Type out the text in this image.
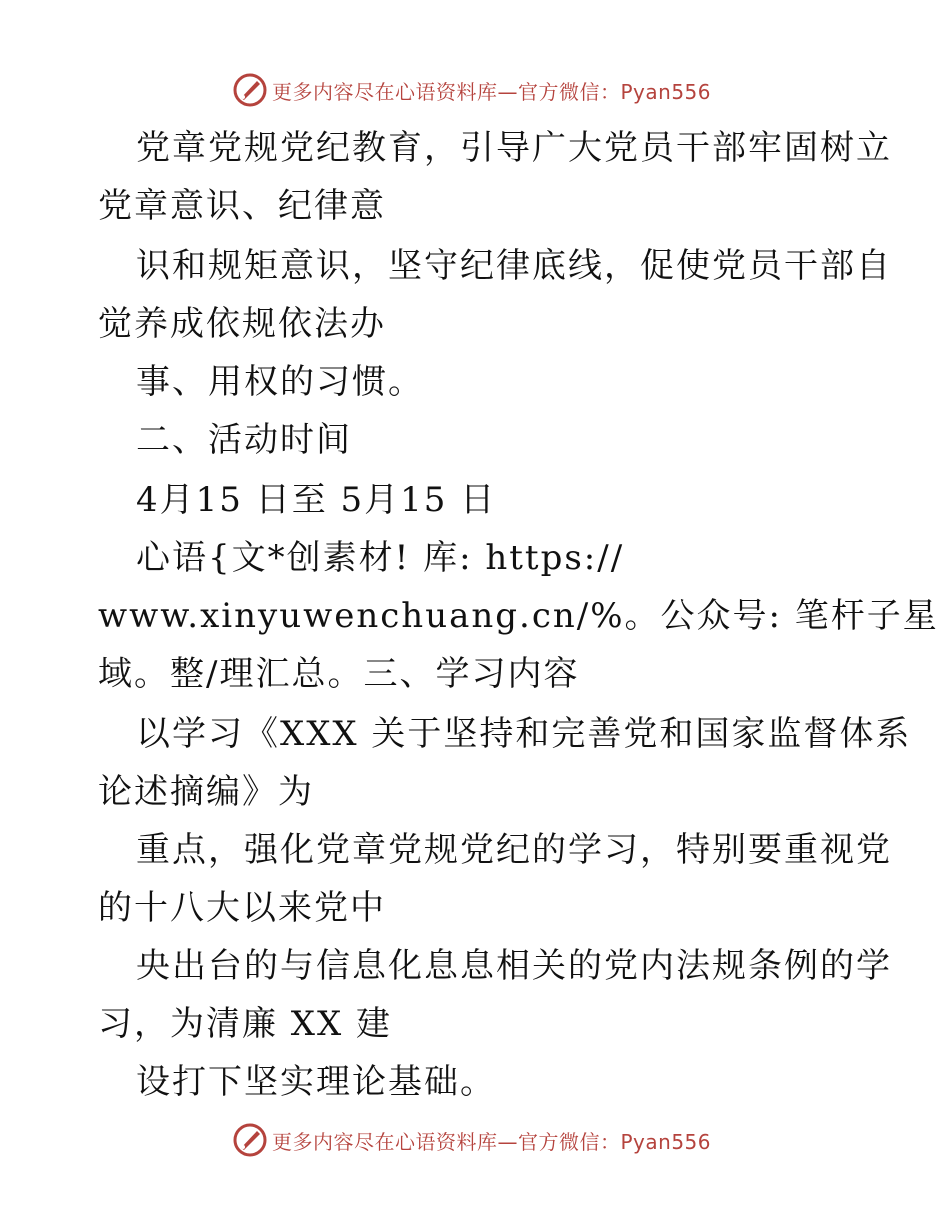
更多内容尽在心语资料库—官方微信：Pyan556
党章党规党纪教育，引导广大党员干部牢固树立
党章意识、纪律意
识和规矩意识，坚守纪律底线，促使党员干部自
觉养成依规依法办
事、用权的习惯。
二、活动时间
4月15 日至 5月15 日
心语{文*创素材! 库: https://
www.xinyuwenchuang.cn/%。公众号: 笔杆子星
域。整/理汇总。三、学习内容
以学习《XXX 关于坚持和完善党和国家监督体系
论述摘编》为
重点，强化党章党规党纪的学习，特别要重视党
的十八大以来党中
央出台的与信息化息息相关的党内法规条例的学
习，为清廉 XX 建
设打下坚实理论基础。
更多内容尽在心语资料库—官方微信：Pyan556
